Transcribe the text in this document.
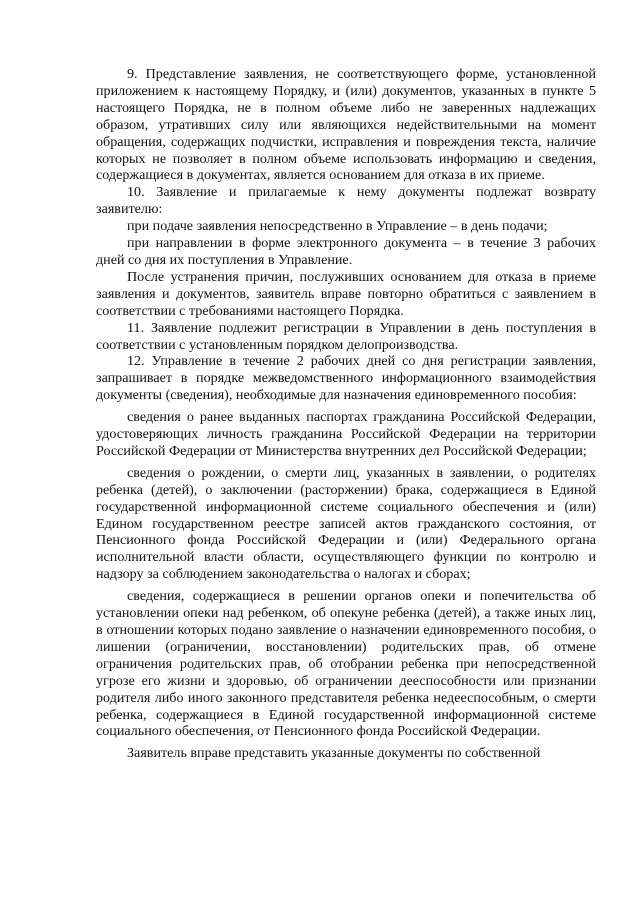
9. Представление заявления, не соответствующего форме, установленной приложением к настоящему Порядку, и (или) документов, указанных в пункте 5 настоящего Порядка, не в полном объеме либо не заверенных надлежащих образом, утративших силу или являющихся недействительными на момент обращения, содержащих подчистки, исправления и повреждения текста, наличие которых не позволяет в полном объеме использовать информацию и сведения, содержащиеся в документах, является основанием для отказа в их приеме.

10. Заявление и прилагаемые к нему документы подлежат возврату заявителю:

при подаче заявления непосредственно в Управление – в день подачи;

при направлении в форме электронного документа – в течение 3 рабочих дней со дня их поступления в Управление.

После устранения причин, послуживших основанием для отказа в приеме заявления и документов, заявитель вправе повторно обратиться с заявлением в соответствии с требованиями настоящего Порядка.

11. Заявление подлежит регистрации в Управлении в день поступления в соответствии с установленным порядком делопроизводства.

12. Управление в течение 2 рабочих дней со дня регистрации заявления, запрашивает в порядке межведомственного информационного взаимодействия документы (сведения), необходимые для назначения единовременного пособия:

сведения о ранее выданных паспортах гражданина Российской Федерации, удостоверяющих личность гражданина Российской Федерации на территории Российской Федерации от Министерства внутренних дел Российской Федерации;

сведения о рождении, о смерти лиц, указанных в заявлении, о родителях ребенка (детей), о заключении (расторжении) брака, содержащиеся в Единой государственной информационной системе социального обеспечения и (или) Едином государственном реестре записей актов гражданского состояния, от Пенсионного фонда Российской Федерации и (или) Федерального органа исполнительной власти области, осуществляющего функции по контролю и надзору за соблюдением законодательства о налогах и сборах;

сведения, содержащиеся в решении органов опеки и попечительства об установлении опеки над ребенком, об опекуне ребенка (детей), а также иных лиц, в отношении которых подано заявление о назначении единовременного пособия, о лишении (ограничении, восстановлении) родительских прав, об отмене ограничения родительских прав, об отобрании ребенка при непосредственной угрозе его жизни и здоровью, об ограничении дееспособности или признании родителя либо иного законного представителя ребенка недееспособным, о смерти ребенка, содержащиеся в Единой государственной информационной системе социального обеспечения, от Пенсионного фонда Российской Федерации.

Заявитель вправе представить указанные документы по собственной
